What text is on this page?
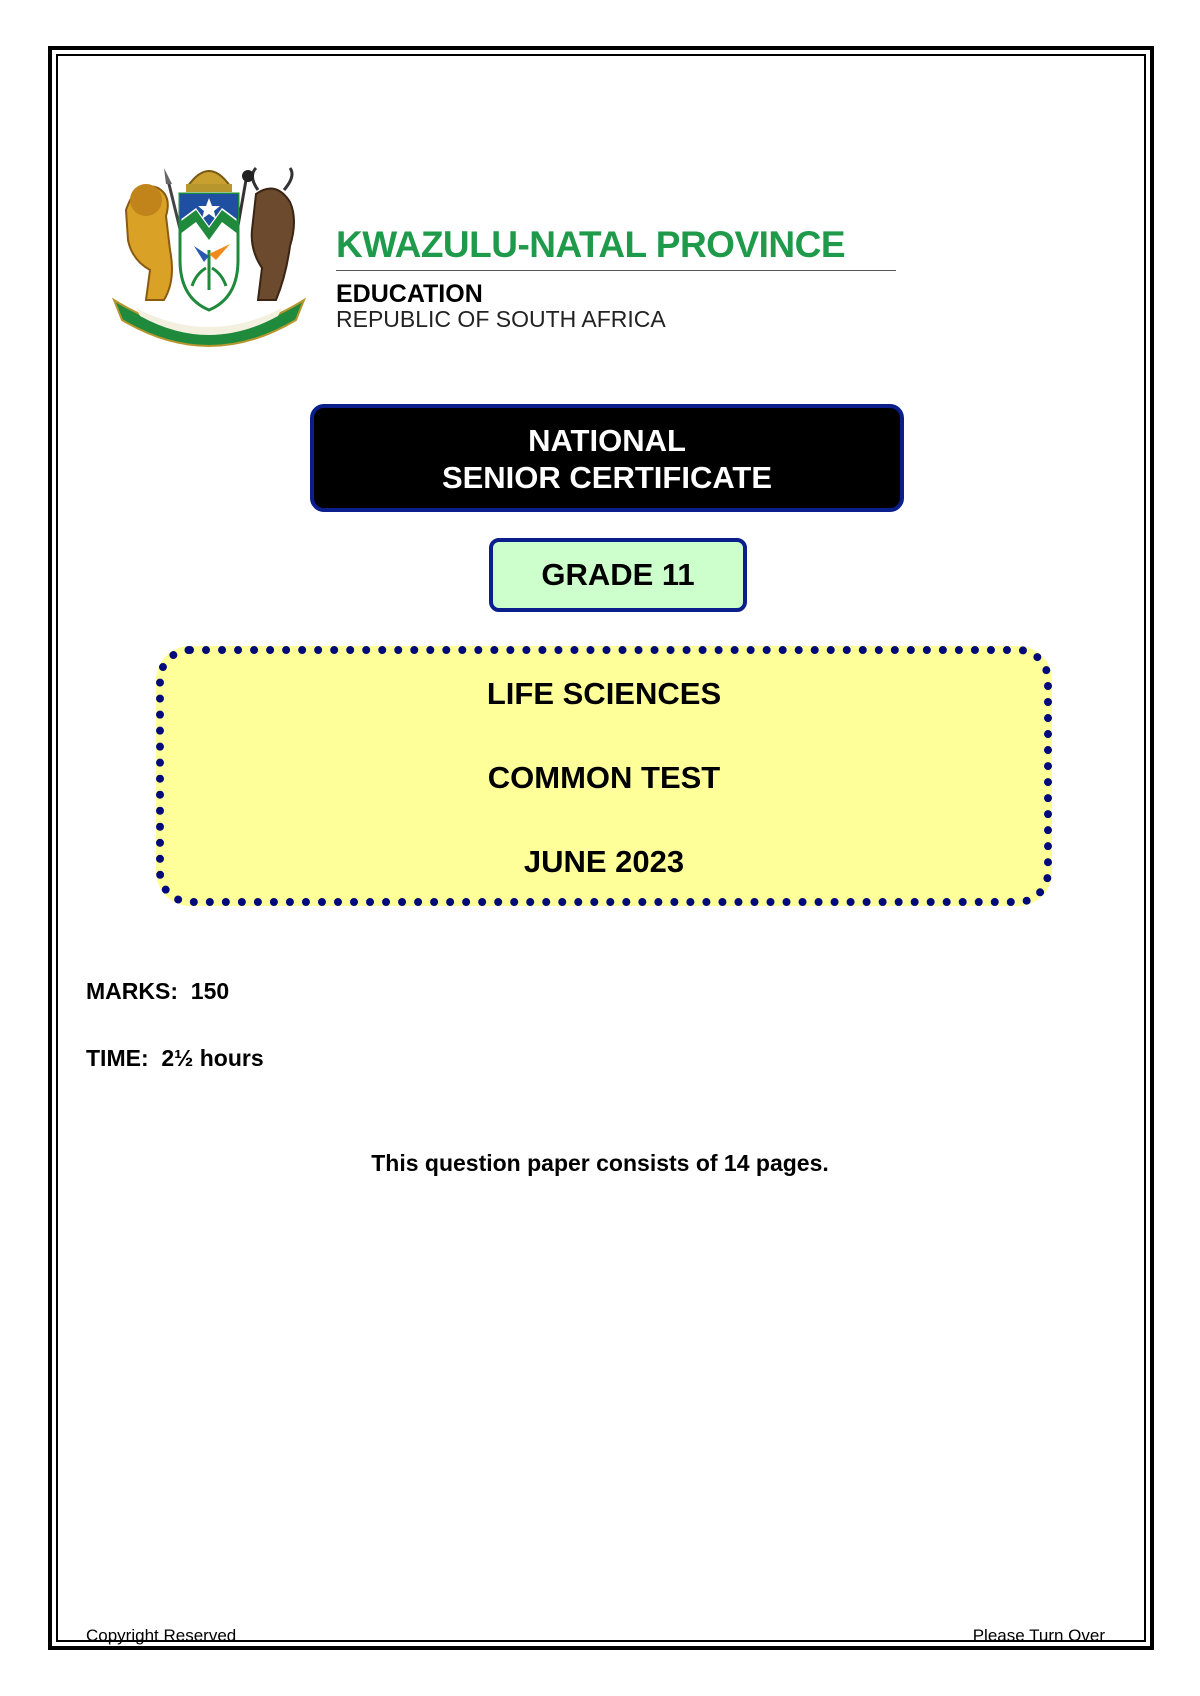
KWAZULU-NATAL PROVINCE
EDUCATION
REPUBLIC OF SOUTH AFRICA
NATIONAL
SENIOR CERTIFICATE
GRADE 11
LIFE SCIENCES
COMMON TEST
JUNE 2023
MARKS: 150
TIME: 2½ hours
This question paper consists of 14 pages.
Copyright Reserved	Please Turn Over
